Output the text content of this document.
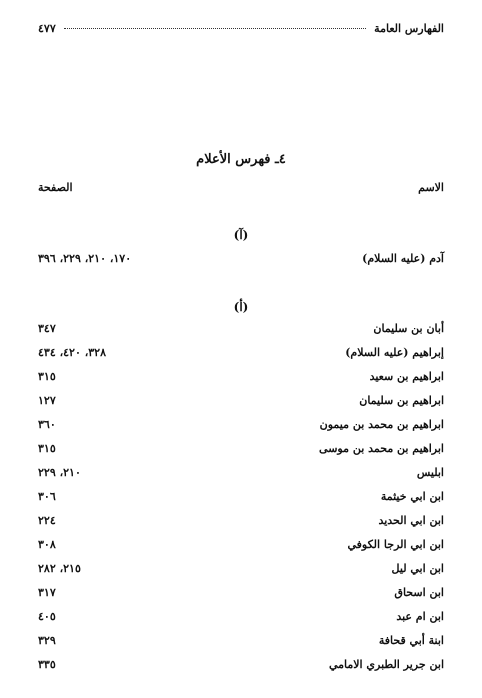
٤٧٧	الفهارس العامة
٤ـ فهرس الأعلام
الصفحة	الاسم
(آ)
١٧٠، ٢١٠، ٢٢٩، ٣٩٦	آدم (عليه السلام)
(أ)
٣٤٧	أبان بن سليمان
٣٢٨، ٤٢٠، ٤٣٤	إبراهيم (عليه السلام)
٣١٥	ابراهيم بن سعيد
١٢٧	ابراهيم بن سليمان
٣٦٠	ابراهيم بن محمد بن ميمون
٣١٥	ابراهيم بن محمد بن موسى
٢١٠، ٢٢٩	ابليس
٣٠٦	ابن ابي خيثمة
٢٢٤	ابن ابي الحديد
٣٠٨	ابن ابي الرجا الكوفي
٢١٥، ٢٨٢	ابن ابي ليل
٣١٧	ابن اسحاق
٤٠٥	ابن ام عبد
٣٢٩	ابنة أبي قحافة
٣٣٥	ابن جرير الطبري الامامي
